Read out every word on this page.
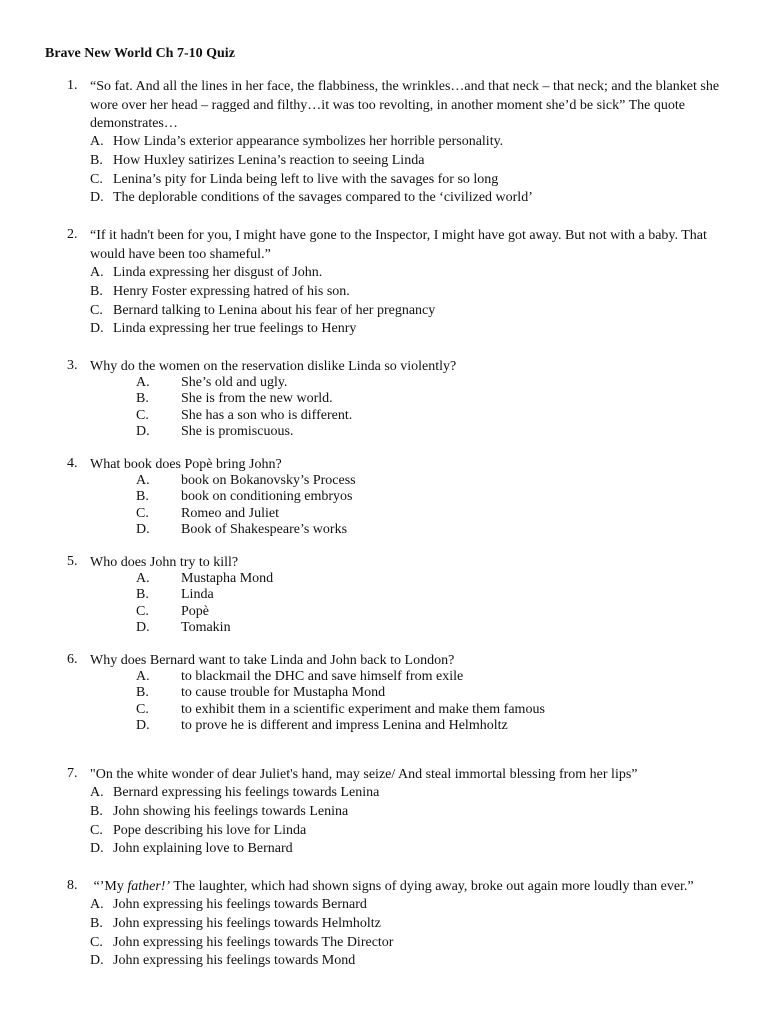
Brave New World Ch 7-10 Quiz
1. “So fat. And all the lines in her face, the flabbiness, the wrinkles…and that neck – that neck; and the blanket she wore over her head – ragged and filthy…it was too revolting, in another moment she’d be sick” The quote demonstrates…

A. How Linda’s exterior appearance symbolizes her horrible personality.
B. How Huxley satirizes Lenina’s reaction to seeing Linda
C. Lenina’s pity for Linda being left to live with the savages for so long
D. The deplorable conditions of the savages compared to the ‘civilized world’
2. “If it hadn't been for you, I might have gone to the Inspector, I might have got away. But not with a baby. That would have been too shameful.”

A. Linda expressing her disgust of John.
B. Henry Foster expressing hatred of his son.
C. Bernard talking to Lenina about his fear of her pregnancy
D. Linda expressing her true feelings to Henry
3. Why do the women on the reservation dislike Linda so violently?

A. She’s old and ugly.
B. She is from the new world.
C. She has a son who is different.
D. She is promiscuous.
4. What book does Popè bring John?

A. book on Bokanovsky’s Process
B. book on conditioning embryos
C. Romeo and Juliet
D. Book of Shakespeare’s works
5. Who does John try to kill?

A. Mustapha Mond
B. Linda
C. Popè
D. Tomakin
6. Why does Bernard want to take Linda and John back to London?

A. to blackmail the DHC and save himself from exile
B. to cause trouble for Mustapha Mond
C. to exhibit them in a scientific experiment and make them famous
D. to prove he is different and impress Lenina and Helmholtz
7. "On the white wonder of dear Juliet's hand, may seize/ And steal immortal blessing from her lips”

A. Bernard expressing his feelings towards Lenina
B. John showing his feelings towards Lenina
C. Pope describing his love for Linda
D. John explaining love to Bernard
8. “’My father!’ The laughter, which had shown signs of dying away, broke out again more loudly than ever.”

A. John expressing his feelings towards Bernard
B. John expressing his feelings towards Helmholtz
C. John expressing his feelings towards The Director
D. John expressing his feelings towards Mond
